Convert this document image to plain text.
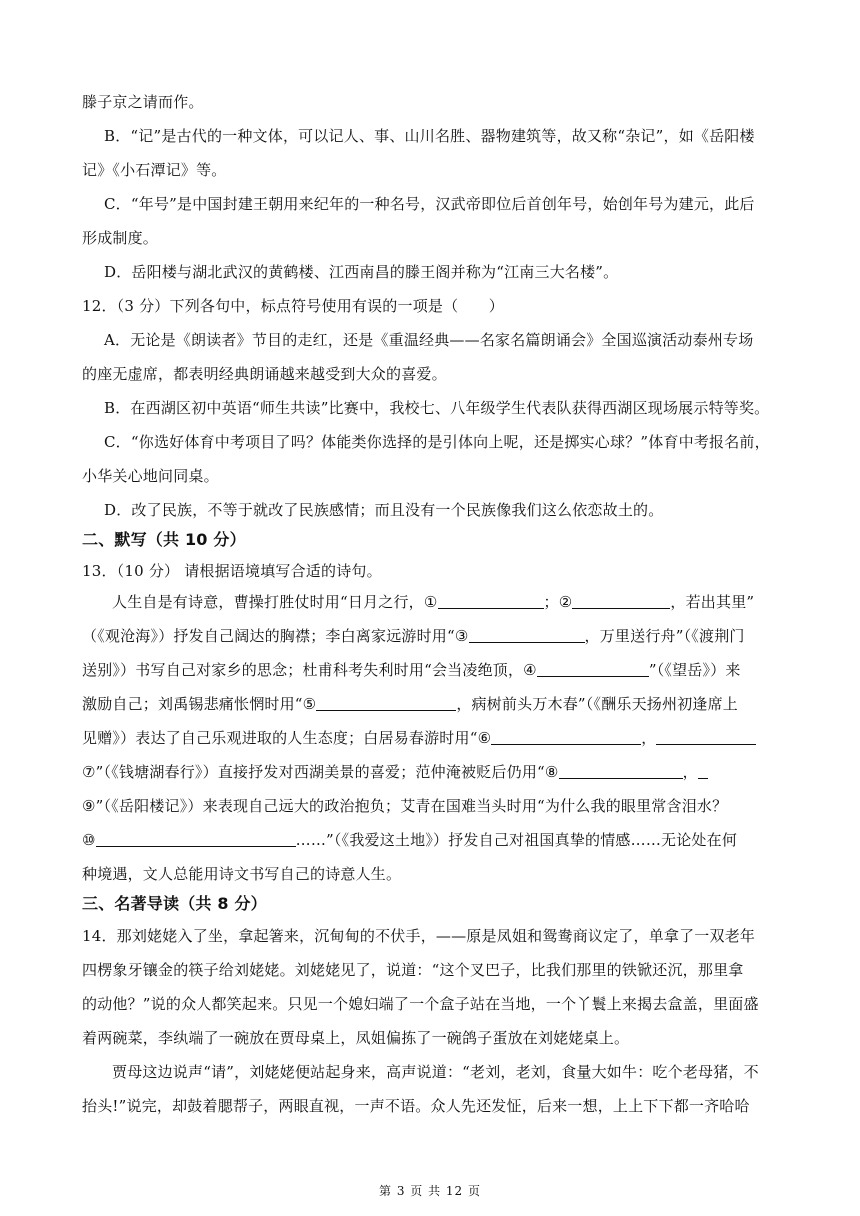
滕子京之请而作。
B．“记”是古代的一种文体，可以记人、事、山川名胜、器物建筑等，故又称“杂记”，如《岳阳楼
记》《小石潭记》等。
C．“年号”是中国封建王朝用来纪年的一种名号，汉武帝即位后首创年号，始创年号为建元，此后
形成制度。
D．岳阳楼与湖北武汉的黄鹤楼、江西南昌的滕王阁并称为“江南三大名楼”。
12．（3 分）下列各句中，标点符号使用有误的一项是（　　）
A．无论是《朗读者》节目的走红，还是《重温经典——名家名篇朗诵会》全国巡演活动泰州专场
的座无虚席，都表明经典朗诵越来越受到大众的喜爱。
B．在西湖区初中英语“师生共读”比赛中，我校七、八年级学生代表队获得西湖区现场展示特等奖。
C．“你选好体育中考项目了吗？体能类你选择的是引体向上呢，还是掷实心球？”体育中考报名前，
小华关心地问同桌。
D．改了民族，不等于就改了民族感情；而且没有一个民族像我们这么依恋故土的。
二、默写（共 10 分）
13．（10 分） 请根据语境填写合适的诗句。
人生自是有诗意，曹操打胜仗时用“日月之行，①	；②	，若出其里”
（《观沧海》）抒发自己阔达的胸襟；李白离家远游时用“③	，万里送行舟”（《渡荆门
送别》）书写自己对家乡的思念；杜甫科考失利时用“会当凌绝顶，④	”（《望岳》）来
激励自己；刘禹锡悲痛怅惘时用“⑤	，病树前头万木春”（《酬乐天扬州初逢席上
见赠》）表达了自己乐观进取的人生态度；白居易春游时用“⑥	，
⑦”（《钱塘湖春行》）直接抒发对西湖美景的喜爱；范仲淹被贬后仍用“⑧	，
⑨”（《岳阳楼记》）来表现自己远大的政治抱负；艾青在国难当头时用“为什么我的眼里常含泪水？
⑩	……”（《我爱这土地》）抒发自己对祖国真挚的情感……无论处在何
种境遇，文人总能用诗文书写自己的诗意人生。
三、名著导读（共 8 分）
14．那刘姥姥入了坐，拿起箸来，沉甸甸的不伏手，——原是凤姐和鸳鸯商议定了，单拿了一双老年
四楞象牙镶金的筷子给刘姥姥。刘姥姥见了，说道：“这个叉巴子，比我们那里的铁锨还沉，那里拿
的动他？”说的众人都笑起来。只见一个媳妇端了一个盒子站在当地，一个丫鬟上来揭去盒盖，里面盛
着两碗菜，李纨端了一碗放在贾母桌上，凤姐偏拣了一碗鸽子蛋放在刘姥姥桌上。
贾母这边说声“请”，刘姥姥便站起身来，高声说道：“老刘，老刘，食量大如牛：吃个老母猪，不
抬头!”说完，却鼓着腮帮子，两眼直视，一声不语。众人先还发怔，后来一想，上上下下都一齐哈哈
第 3 页 共 12 页
